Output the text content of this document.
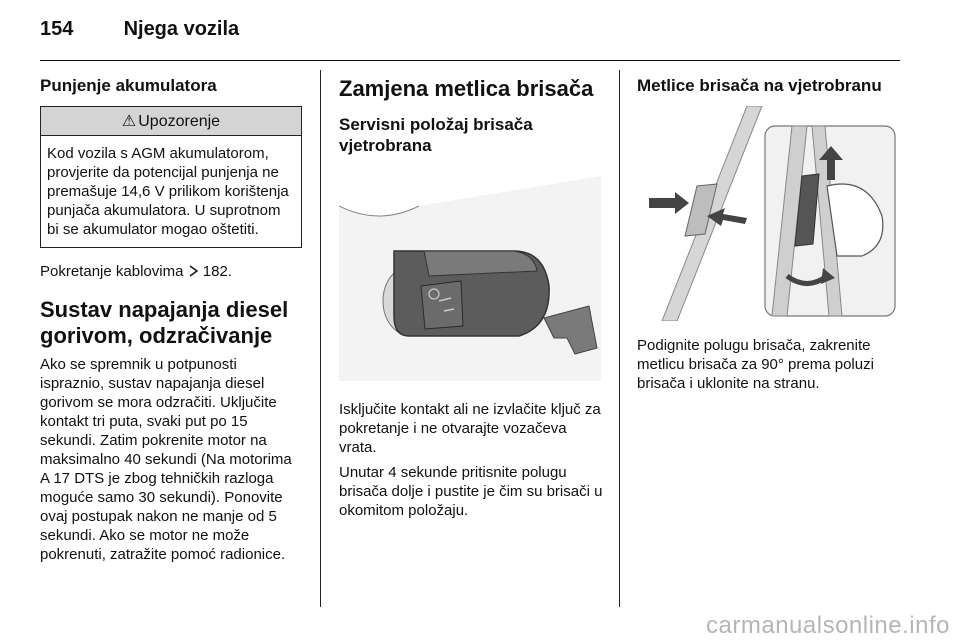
154	Njega vozila
Punjenje akumulatora
⚠ Upozorenje
Kod vozila s AGM akumulatorom, provjerite da potencijal punjenja ne premašuje 14,6 V prilikom korištenja punjača akumulatora. U suprotnom bi se akumulator mogao oštetiti.

Pokretanje kablovima 182.

Sustav napajanja diesel gorivom, odzračivanje

Ako se spremnik u potpunosti ispraznio, sustav napajanja diesel gorivom se mora odzračiti. Uključite kontakt tri puta, svaki put po 15 sekundi. Zatim pokrenite motor na maksimalno 40 sekundi (Na motorima A 17 DTS je zbog tehničkih razloga moguće samo 30 sekundi). Ponovite ovaj postupak nakon ne manje od 5 sekundi. Ako se motor ne može pokrenuti, zatražite pomoć radionice.

Zamjena metlica brisača
Servisni položaj brisača vjetrobrana

Isključite kontakt ali ne izvlačite ključ za pokretanje i ne otvarajte vozačeva vrata.

Unutar 4 sekunde pritisnite polugu brisača dolje i pustite je čim su brisači u okomitom položaju.

Metlice brisača na vjetrobranu

Podignite polugu brisača, zakrenite metlicu brisača za 90° prema poluzi brisača i uklonite na stranu.

carmanualsonline.info
